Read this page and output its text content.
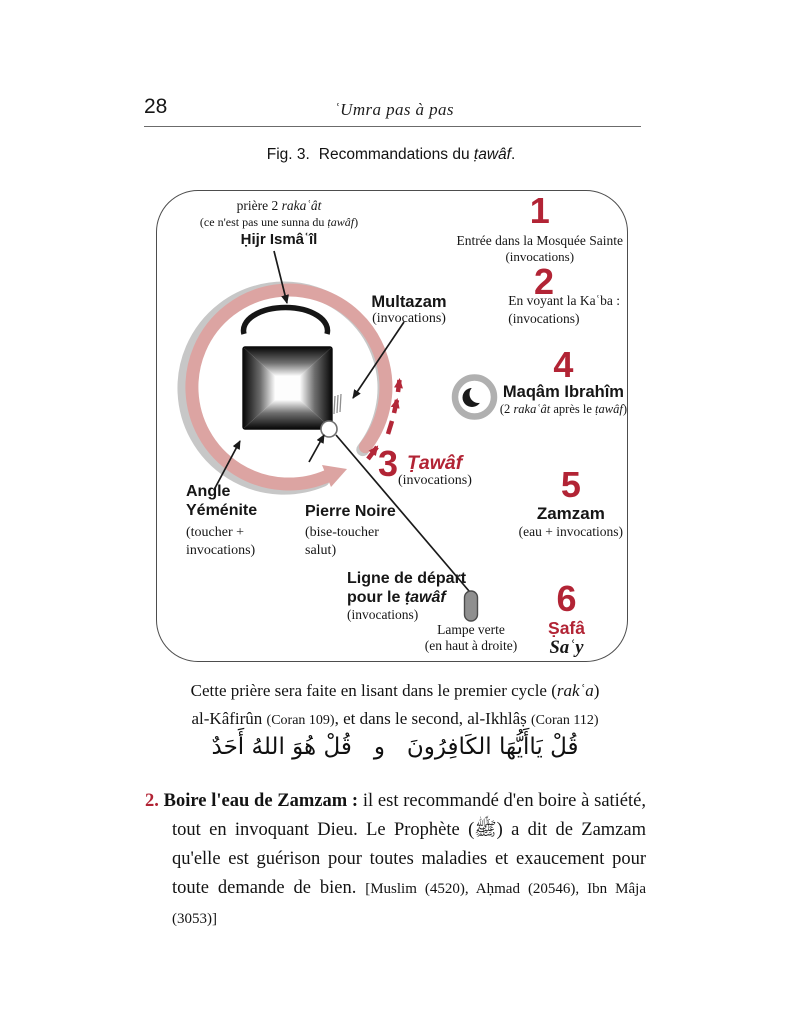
28	ʿUmra pas à pas
Fig. 3. Recommandations du ṭawâf.
prière 2 rakaʿât
(ce n'est pas une sunna du ṭawâf)
Ḥijr Ismâʿîl
Multazam
(invocations)
1
Entrée dans la Mosquée Sainte
(invocations)
2
En voyant la Kaʿba :
(invocations)
4
Maqâm Ibrahîm
(2 rakaʿât après le ṭawâf)
5
Zamzam
(eau + invocations)
6
Ṣafâ
Saʿy
3 Ṭawâf
(invocations)
Angle
Yéménite
(toucher +
invocations)
Pierre Noire
(bise-toucher
salut)
Ligne de départ
pour le ṭawâf
(invocations)
Lampe verte
(en haut à droite)
Cette prière sera faite en lisant dans le premier cycle (rakʿa)
al-Kâfirûn (Coran 109), et dans le second, al-Ikhlâṣ (Coran 112)
قُلْ يَاأَيُّهَا الكَافِرُونَ   و   قُلْ هُوَ اللهُ أَحَدٌ
2. Boire l'eau de Zamzam : il est recommandé d'en boire à satiété, tout en invoquant Dieu. Le Prophète (ﷺ) a dit de Zamzam qu'elle est guérison pour toutes maladies et exaucement pour toute demande de bien. [Muslim (4520), Aḥmad (20546), Ibn Mâja (3053)]
